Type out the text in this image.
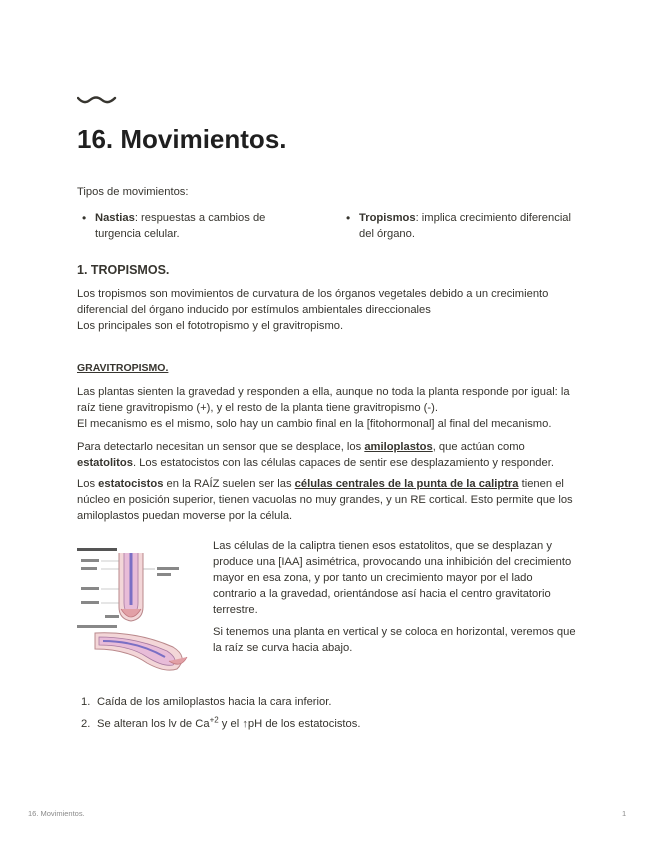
16. Movimientos.

Tipos de movimientos:

• Nastias: respuestas a cambios de turgencia celular.
• Tropismos: implica crecimiento diferencial del órgano.
1. TROPISMOS.

Los tropismos son movimientos de curvatura de los órganos vegetales debido a un crecimiento diferencial del órgano inducido por estímulos ambientales direccionales

Los principales son el fototropismo y el gravitropismo.

GRAVITROPISMO.

Las plantas sienten la gravedad y responden a ella, aunque no toda la planta responde por igual: la raíz tiene gravitropismo (+), y el resto de la planta tiene gravitropismo (-).

El mecanismo es el mismo, solo hay un cambio final en la [fitohormonal] al final del mecanismo.

Para detectarlo necesitan un sensor que se desplace, los amiloplastos, que actúan como estatolitos. Los estatocistos con las células capaces de sentir ese desplazamiento y responder.

Los estatocistos en la RAÍZ suelen ser las células centrales de la punta de la caliptra tienen el núcleo en posición superior, tienen vacuolas no muy grandes, y un RE cortical. Esto permite que los amiloplastos puedan moverse por la célula.

Las células de la caliptra tienen esos estatolitos, que se desplazan y produce una [IAA] asimétrica, provocando una inhibición del crecimiento mayor en esa zona, y por tanto un crecimiento mayor por el lado contrario a la gravedad, orientándose así hacia el centro gravitatorio terrestre.

Si tenemos una planta en vertical y se coloca en horizontal, veremos que la raíz se curva hacia abajo.

1. Caída de los amiloplastos hacia la cara inferior.
2. Se alteran los lv de $Ca^{+2}$ y el ↑pH de los estatocistos.
16. Movimientos.	1
